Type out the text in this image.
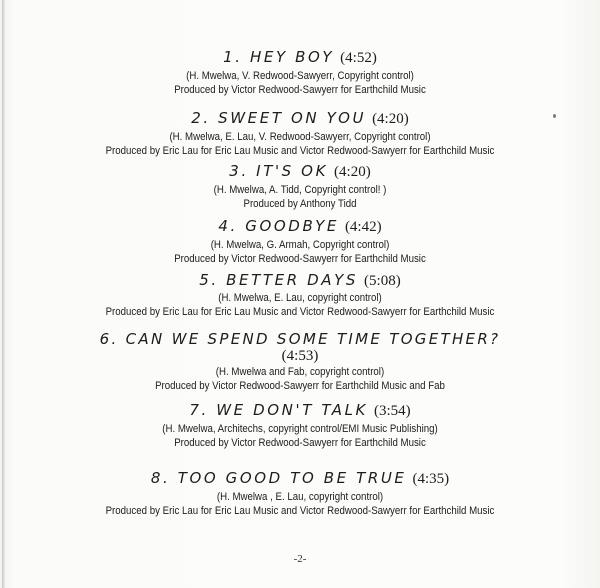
1. HEY BOY (4:52)
(H. Mwelwa, V. Redwood-Sawyerr, Copyright control)
Produced by Victor Redwood-Sawyerr for Earthchild Music
2. SWEET ON YOU (4:20)
(H. Mwelwa, E. Lau, V. Redwood-Sawyerr, Copyright control)
Produced by Eric Lau for Eric Lau Music and Victor Redwood-Sawyerr for Earthchild Music
3. IT'S OK (4:20)
(H. Mwelwa, A. Tidd, Copyright control! )
Produced by Anthony Tidd
4. GOODBYE (4:42)
(H. Mwelwa, G. Armah, Copyright control)
Produced by Victor Redwood-Sawyerr for Earthchild Music
5. BETTER DAYS (5:08)
(H. Mwelwa, E. Lau, copyright control)
Produced by Eric Lau for Eric Lau Music and Victor Redwood-Sawyerr for Earthchild Music
6. CAN WE SPEND SOME TIME TOGETHER?
(4:53)
(H. Mwelwa and Fab, copyright control)
Produced by Victor Redwood-Sawyerr for Earthchild Music and Fab
7. WE DON'T TALK (3:54)
(H. Mwelwa, Architechs, copyright control/EMI Music Publishing)
Produced by Victor Redwood-Sawyerr for Earthchild Music
8. TOO GOOD TO BE TRUE (4:35)
(H. Mwelwa , E. Lau, copyright control)
Produced by Eric Lau for Eric Lau Music and Victor Redwood-Sawyerr for Earthchild Music
-2-
